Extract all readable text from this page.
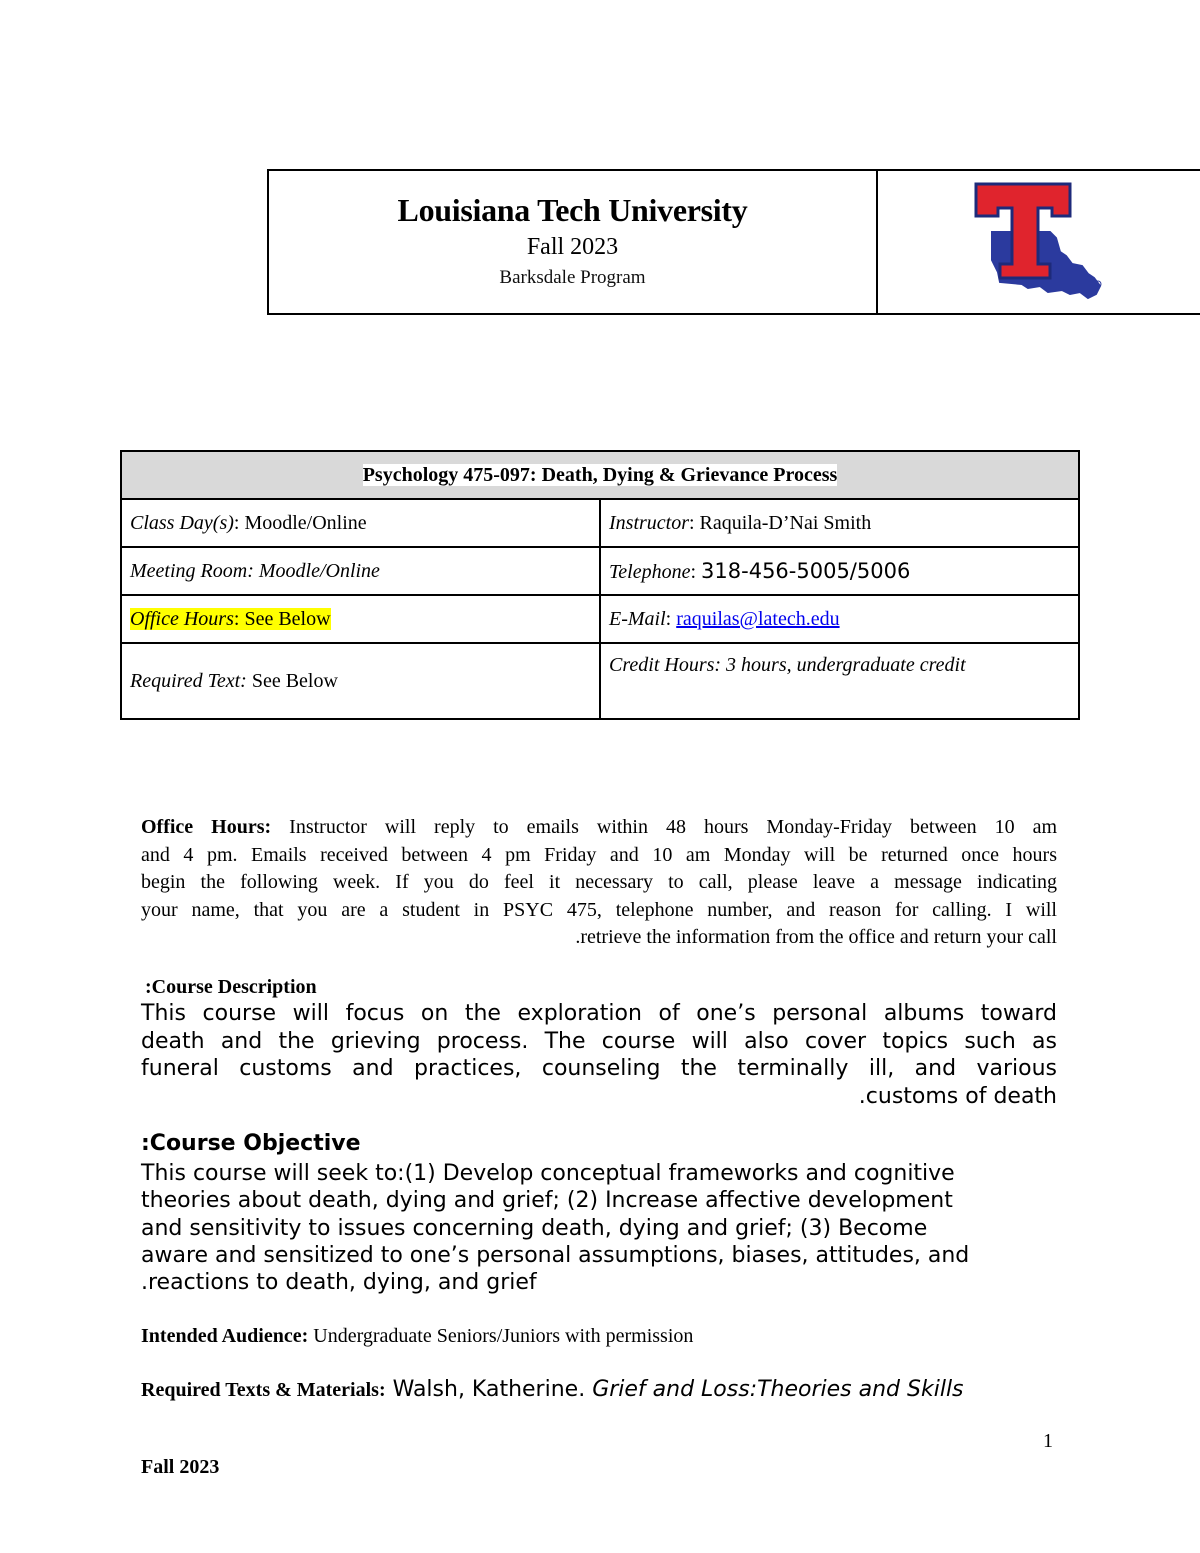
Louisiana Tech University
Fall 2023
Barksdale Program
Psychology 475-097: Death, Dying & Grievance Process	
Class Day(s): Moodle/Online	Instructor: Raquila-D’Nai Smith
Meeting Room: Moodle/Online	Telephone: 318-456-5005/5006
Office Hours: See Below	E-Mail: raquilas@latech.edu
Required Text: See Below	Credit Hours: 3 hours, undergraduate credit
Office Hours: Instructor will reply to emails within 48 hours Monday-Friday between 10 am
and 4 pm. Emails received between 4 pm Friday and 10 am Monday will be returned once hours
begin the following week. If you do feel it necessary to call, please leave a message indicating
your name, that you are a student in PSYC 475, telephone number, and reason for calling. I will
.retrieve the information from the office and return your call
:Course Description
This course will focus on the exploration of one’s personal albums toward
death and the grieving process. The course will also cover topics such as
funeral customs and practices, counseling the terminally ill, and various
.customs of death
:Course Objective
This course will seek to:(1) Develop conceptual frameworks and cognitive
theories about death, dying and grief; (2) Increase affective development
and sensitivity to issues concerning death, dying and grief; (3) Become
aware and sensitized to one’s personal assumptions, biases, attitudes, and
.reactions to death, dying, and grief
Intended Audience: Undergraduate Seniors/Juniors with permission
Required Texts & Materials: Walsh, Katherine. Grief and Loss:Theories and Skills
1
Fall 2023
